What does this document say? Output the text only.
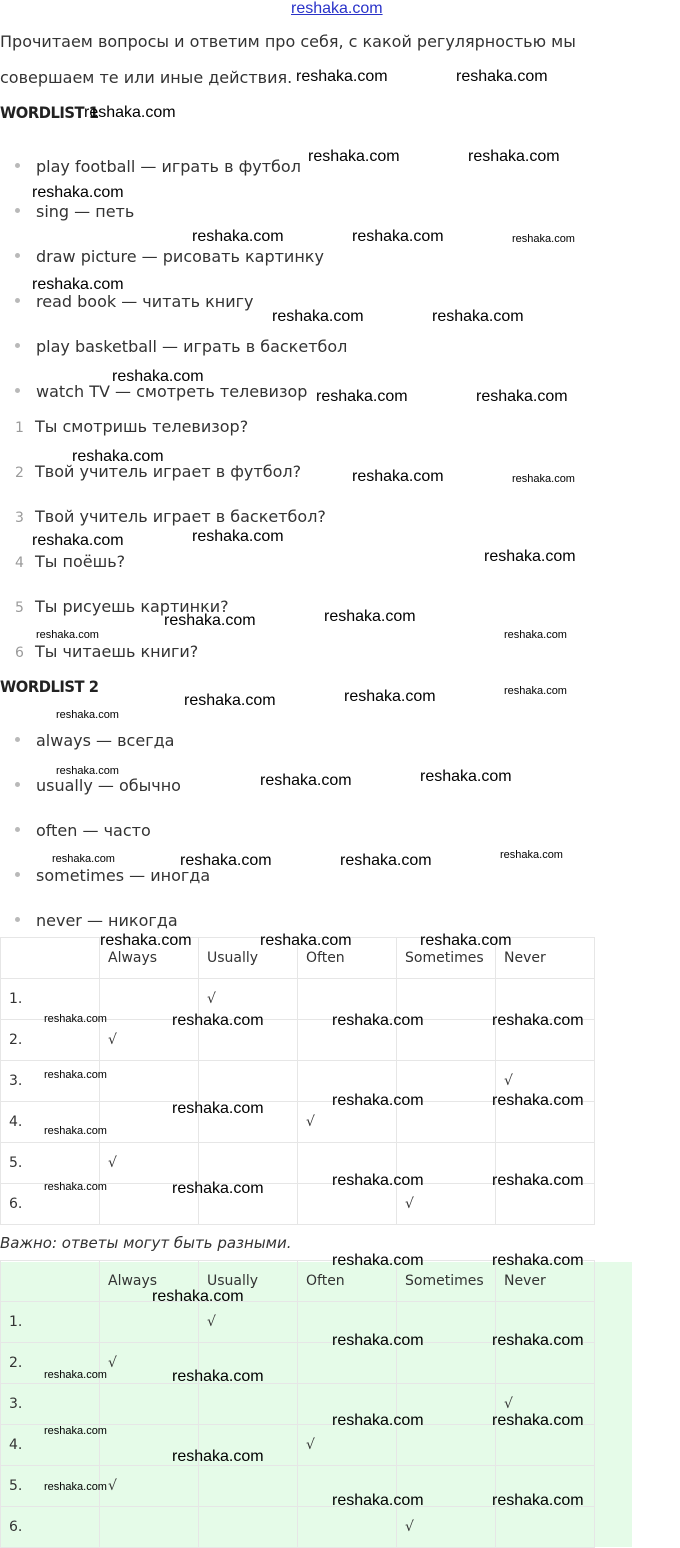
reshaka.com
Прочитаем вопросы и ответим про себя, с какой регулярностью мы
совершаем те или иные действия.
WORDLIST 1
play football — играть в футбол
sing — петь
draw picture — рисовать картинку
read book — читать книгу
play basketball — играть в баскетбол
watch TV — смотреть телевизор
1 Ты смотришь телевизор?
2 Твой учитель играет в футбол?
3 Твой учитель играет в баскетбол?
4 Ты поёшь?
5 Ты рисуешь картинки?
6 Ты читаешь книги?
WORDLIST 2
always — всегда
usually — обычно
often — часто
sometimes — иногда
never — никогда
	Always	Usually	Often	Sometimes	Never
1.		√			
2.	√				
3.					√
4.			√		
5.	√				
6.				√	
Важно: ответы могут быть разными.
	Always	Usually	Often	Sometimes	Never
1.		√			
2.	√				
3.					√
4.			√		
5.	√				
6.				√	
reshaka.com	reshaka.com
reshaka.com
reshaka.com	reshaka.com
reshaka.com
reshaka.com	reshaka.com	reshaka.com
reshaka.com
reshaka.com	reshaka.com
reshaka.com
reshaka.com	reshaka.com
reshaka.com
reshaka.com	reshaka.com
reshaka.com
reshaka.com
reshaka.com
reshaka.com
reshaka.com
reshaka.com	reshaka.com
reshaka.com
reshaka.com
reshaka.com
reshaka.com
reshaka.com	reshaka.com
reshaka.com
reshaka.com
reshaka.com	reshaka.com	reshaka.com
reshaka.com	reshaka.com	reshaka.com
reshaka.com	reshaka.com	reshaka.com	reshaka.com
reshaka.com
reshaka.com	reshaka.com
reshaka.com
reshaka.com
reshaka.com	reshaka.com
reshaka.com	reshaka.com
reshaka.com	reshaka.com
reshaka.com
reshaka.com	reshaka.com
reshaka.com	reshaka.com
reshaka.com	reshaka.com
reshaka.com
reshaka.com
reshaka.com
reshaka.com	reshaka.com
